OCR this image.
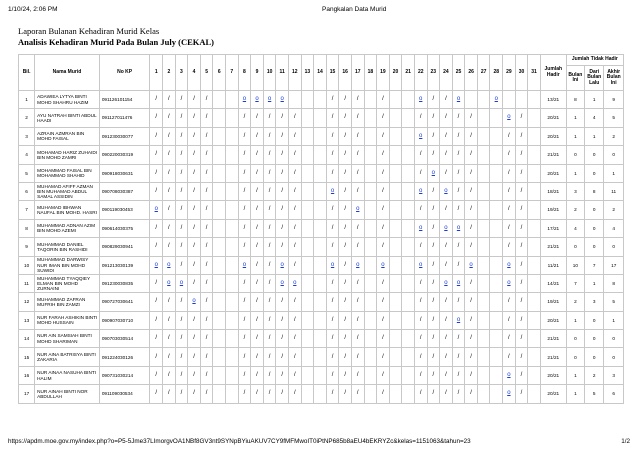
1/10/24, 2:06 PM	Pangkalan Data Murid
Laporan Bulanan Kehadiran Murid Kelas
Analisis Kehadiran Murid Pada Bulan July (CEKAL)
Bil.	Nama Murid	No KP	1	2	3	4	5	6	7	8	9	10	11	12	13	14	15	16	17	18	19	20	21	22	23	24	25	26	27	28	29	30	31	Jumlah Hadir	Jumlah Tidak Hadir		
																																			Bulan Ini	Dari Bulan Lalu	Akhir Bulan Ini
1	ADAWIEA LYTYA BINTI MOHD SHAHRU HAZIM	091126101154	/	/	/	/	/			o	o	o	o				/	/	/		/			o	/	/	o			o				13/21	8	1	9
2	AYU NATRAH BINTI ABDUL HAADI	091127011476	/	/	/	/	/			/	/	/	/	/			/	/	/		/			/	/	/	/	/			o	/		20/21	1	4	5
3	AZRAIN AZMRAN BIN MOHD FAISAL	091230030077	/	/	/	/	/			/	/	/	/	/			/	/	/		/			o	/	/	/	/			/	/		20/21	1	1	2
4	MOHAMAD HARIZ ZUHAIDI BIN MOHD ZAMRI	090220030319	/	/	/	/	/			/	/	/	/	/			/	/	/		/			/	/	/	/	/			/	/		21/21	0	0	0
5	MOHAMMAD FAISAL BIN MOHAMMAD SHAHID	090918030631	/	/	/	/	/			/	/	/	/	/			/	/	/		/			/	o	/	/	/			/	/		20/21	1	0	1
6	MUHAMAD AFIFF AZMAN BIN MUHAMAD ABDUL SAMAL ASSIDIN	090708030387	/	/	/	/	/			/	/	/	/	/			o	/	/		/			o	/	o	/	/			/	/		18/21	3	8	11
7	MUHAMAD IBHWAN NAUFAL BIN MOHD. HASRI	090119030453	o	/	/	/	/			/	/	/	/	/			/	/	o		/			/	/	/	/	/			/	/		19/21	2	0	2
8	MUHAMMAD ADNAN AZIM BIN MOHD AZEMI	090614030375	/	/	/	/	/			/	/	/	/	/			/	/	/		/			o	/	o	o	/			/	/		17/21	4	0	4
9	MUHAMMAD DANIEL TAQORIN BIN RASHIDI	090829030941	/	/	/	/	/			/	/	/	/	/			/	/	/		/			/	/	/	/	/			/	/		21/21	0	0	0
10	MUHAMMAD DARWISY NUR IMAN BIN MOHD SUWIDI	091213030139	o	o	/	/	/			o	/	/	o	/			o	/	o		o			o	/	/	/	o			o	/		11/21	10	7	17
11	MUHAMMAD TYAQQIEY ELMAN BIN MOHD ZURNAINI	091230030835	/	o	o	/	/			/	/	/	o	o			/	/	/		/			/	/	o	o	/			o	/		14/21	7	1	8
12	MUHAMMAD ZAFRAN MUFRIH BIN ZAMZI	090727030641	/	/	/	o	/			/	/	/	/	/			/	/	/		/			/	/	/	/	/			/	/		19/21	2	3	5
13	NUR FARAH ASHIKIN BINTI MOHD HUSSAIN	090907030710	/	/	/	/	/			/	/	/	/	/			/	/	/		/			/	/	/	o	/			/	/		20/21	1	0	1
14	NUR AIN SAMSIAH BINTI MOHD SHARIMAN	090703030514	/	/	/	/	/			/	/	/	/	/			/	/	/		/			/	/	/	/	/			/	/		21/21	0	0	0
15	NUR AINA BATRISYA BINTI ZAKARIA	091224030126	/	/	/	/	/			/	/	/	/	/			/	/	/		/			/	/	/	/	/			/	/		21/21	0	0	0
16	NUR AINAA NASUHA BINTI HALIM	090731030214	/	/	/	/	/			/	/	/	/	/			/	/	/		/			/	/	/	/	/			o	/		20/21	1	2	3
17	NUR AINAH BINTI NOR ABDULLAH	091109030534	/	/	/	/	/			/	/	/	/	/			/	/	/		/			/	/	/	/	/			o	/		20/21	1	5	6
https://apdm.moe.gov.my/index.php?o=P5-5Jme37LImorgvOA1NBf8GV3nt9SYNpBYiuAKUV7CY9fMFMwoIT0iPtNP685b8aEU4bEKRYZc&kelas=1151063&tahun=23	1/2
